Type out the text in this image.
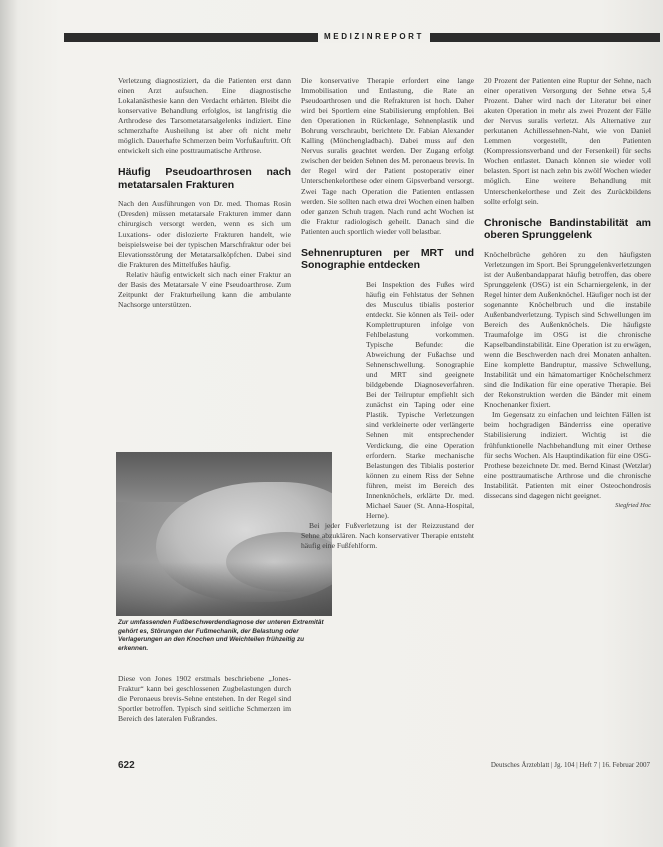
MEDIZINREPORT

Verletzung diagnostiziert, da die Patienten erst dann einen Arzt aufsuchen. Eine diagnostische Lokalanästhesie kann den Verdacht erhärten. Bleibt die konservative Behandlung erfolglos, ist langfristig die Arthrodese des Tarsometatarsalgelenks indiziert. Eine schmerzhafte Ausheilung ist aber oft nicht mehr möglich. Dauerhafte Schmerzen beim Vorfußauftritt. Oft entwickelt sich eine posttraumatische Arthrose.

Häufig Pseudoarthrosen nach metatarsalen Frakturen

Nach den Ausführungen von Dr. med. Thomas Rosin (Dresden) müssen metatarsale Frakturen immer dann chirurgisch versorgt werden, wenn es sich um Luxations- oder dislozierte Frakturen handelt, wie beispielsweise bei der typischen Marschfraktur oder bei Elevationsstörung der Metatarsalköpfchen. Dabei sind die Frakturen des Mittelfußes häufig.

Relativ häufig entwickelt sich nach einer Fraktur an der Basis des Metatarsale V eine Pseudoarthrose. Zum Zeitpunkt der Frakturheilung kann die ambulante Nachsorge unterstützen.

Zur umfassenden Fußbeschwerdendiagnose der unteren Extremität gehört es, Störungen der Fußmechanik, der Belastung oder Verlagerungen an den Knochen und Weichteilen frühzeitig zu erkennen.

Diese von Jones 1902 erstmals beschriebene „Jones-Fraktur“ kann bei geschlossenen Zugbelastungen durch die Peronaeus brevis-Sehne entstehen. In der Regel sind Sportler betroffen. Typisch sind seitliche Schmerzen im Bereich des lateralen Fußrandes.

Die konservative Therapie erfordert eine lange Immobilisation und Entlastung, die Rate an Pseudoarthrosen und die Refrakturen ist hoch. Daher wird bei Sportlern eine Stabilisierung empfohlen. Bei den Operationen in Rückenlage, Sehnenplastik und Bohrung verschraubt, berichtete Dr. Fabian Alexander Kalling (Mönchengladbach). Dabei muss auf den Nervus suralis geachtet werden. Der Zugang erfolgt zwischen der beiden Sehnen des M. peronaeus brevis. In der Regel wird der Patient postoperativ einer Unterschenkelorthese oder einem Gipsverband versorgt. Zwei Tage nach Operation die Patienten entlassen werden. Sie sollten nach etwa drei Wochen einen halben oder ganzen Schuh tragen. Nach rund acht Wochen ist die Fraktur radiologisch geheilt. Danach sind die Patienten auch sportlich wieder voll belastbar.

Sehnenrupturen per MRT und Sonographie entdecken

Bei Inspektion des Fußes wird häufig ein Fehlstatus der Sehnen des Musculus tibialis posterior entdeckt. Sie können als Teil- oder Komplettrupturen infolge von Fehlbelastung vorkommen. Typische Befunde: die Abweichung der Fußachse und Sehnenschwellung. Sonographie und MRT sind geeignete bildgebende Diagnoseverfahren. Bei der Teilruptur empfiehlt sich zunächst ein Taping oder eine Plastik. Typische Verletzungen sind verkleinerte oder verlängerte Sehnen mit entsprechender Verdickung, die eine Operation erfordern. Starke mechanische Belastungen des Tibialis posterior können zu einem Riss der Sehne führen, meist im Bereich des Innenknöchels, erklärte Dr. med. Michael Sauer (St. Anna-Hospital, Herne).

Bei jeder Fußverletzung ist der Reizzustand der Sehne abzuklären. Nach konservativer Therapie entsteht häufig eine Fußfehlform.

20 Prozent der Patienten eine Ruptur der Sehne, nach einer operativen Versorgung der Sehne etwa 5,4 Prozent. Daher wird nach der Literatur bei einer akuten Operation in mehr als zwei Prozent der Fälle der Nervus suralis verletzt. Als Alternative zur perkutanen Achillessehnen-Naht, wie von Daniel Lemmen vorgestellt, den Patienten (Kompressionsverband und der Fersenkeil) für sechs Wochen entlastet. Danach können sie wieder voll belasten. Sport ist nach zehn bis zwölf Wochen wieder möglich. Eine weitere Behandlung mit Unterschenkelorthese und Zeit des Zurückbildens sollte erfolgt sein.

Chronische Bandinstabilität am oberen Sprunggelenk

Knöchelbrüche gehören zu den häufigsten Verletzungen im Sport. Bei Sprunggelenkverletzungen ist der Außenbandapparat häufig betroffen, das obere Sprunggelenk (OSG) ist ein Scharniergelenk, in der Regel hinter dem Außenknöchel. Häufiger noch ist der sogenannte Knöchelbruch und die instabile Außenbandverletzung. Typisch sind Schwellungen im Bereich des Außenknöchels. Die häufigste Traumafolge im OSG ist die chronische Kapselbandinstabilität. Eine Operation ist zu erwägen, wenn die Beschwerden nach drei Monaten anhalten. Eine komplette Bandruptur, massive Schwellung, Instabilität und ein hämatomartiger Knöchelschmerz sind die Indikation für eine operative Therapie. Bei der Rekonstruktion werden die Bänder mit einem Knochenanker fixiert.

Im Gegensatz zu einfachen und leichten Fällen ist beim hochgradigen Bänderriss eine operative Stabilisierung indiziert. Wichtig ist die frühfunktionelle Nachbehandlung mit einer Orthese für sechs Wochen. Als Hauptindikation für eine OSG-Prothese bezeichnete Dr. med. Bernd Kinast (Wetzlar) eine posttraumatische Arthrose und die chronische Instabilität. Patienten mit einer Osteochondrosis dissecans sind dagegen nicht geeignet.

Siegfried Hoc
622	Deutsches Ärzteblatt | Jg. 104 | Heft 7 | 16. Februar 2007
